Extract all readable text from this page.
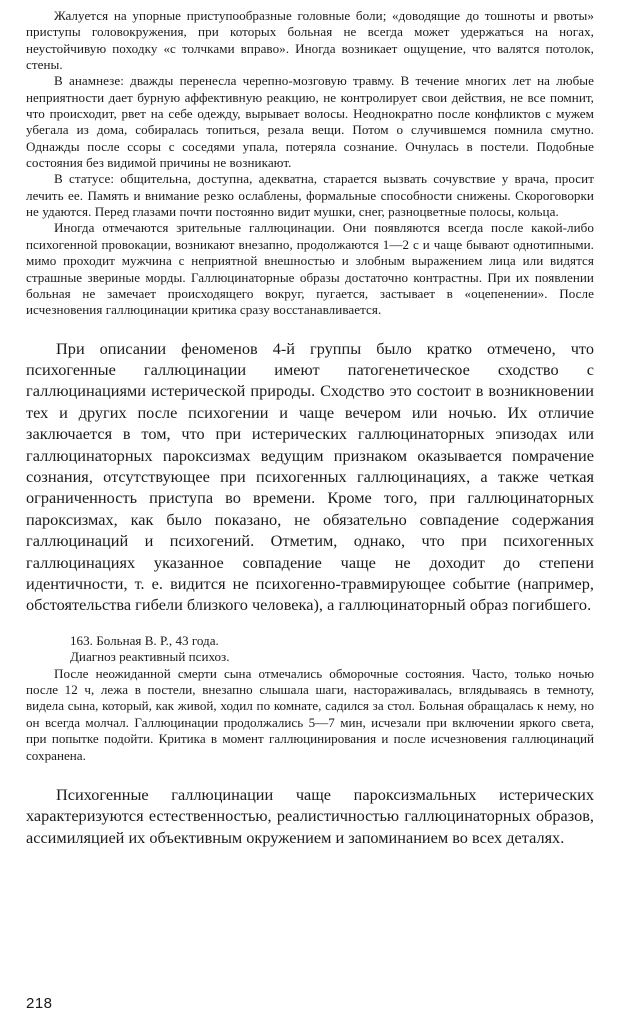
Жалуется на упорные приступообразные головные боли; «доводящие до тошноты и рвоты» приступы головокружения, при которых больная не всегда может удержаться на ногах, неустойчивую походку «с толчками вправо». Иногда возникает ощущение, что валятся потолок, стены.

В анамнезе: дважды перенесла черепно-мозговую травму. В течение многих лет на любые неприятности дает бурную аффективную реакцию, не контролирует свои действия, не все помнит, что происходит, рвет на себе одежду, вырывает волосы. Неоднократно после конфликтов с мужем убегала из дома, собиралась топиться, резала вещи. Потом о случившемся помнила смутно. Однажды после ссоры с соседями упала, потеряла сознание. Очнулась в постели. Подобные состояния без видимой причины не возникают.

В статусе: общительна, доступна, адекватна, старается вызвать сочувствие у врача, просит лечить ее. Память и внимание резко ослаблены, формальные способности снижены. Скороговорки не удаются. Перед глазами почти постоянно видит мушки, снег, разноцветные полосы, кольца.

Иногда отмечаются зрительные галлюцинации. Они появляются всегда после какой-либо психогенной провокации, возникают внезапно, продолжаются 1—2 с и чаще бывают однотипными. мимо проходит мужчина с неприятной внешностью и злобным выражением лица или видятся страшные звериные морды. Галлюцинаторные образы достаточно контрастны. При их появлении больная не замечает происходящего вокруг, пугается, застывает в «оцепенении». После исчезновения галлюцинации критика сразу восстанавливается.

При описании феноменов 4-й группы было кратко отмечено, что психогенные галлюцинации имеют патогенетическое сходство с галлюцинациями истерической природы. Сходство это состоит в возникновении тех и других после психогении и чаще вечером или ночью. Их отличие заключается в том, что при истерических галлюцинаторных эпизодах или галлюцинаторных пароксизмах ведущим признаком оказывается помрачение сознания, отсутствующее при психогенных галлюцинациях, а также четкая ограниченность приступа во времени. Кроме того, при галлюцинаторных пароксизмах, как было показано, не обязательно совпадение содержания галлюцинаций и психогений. Отметим, однако, что при психогенных галлюцинациях указанное совпадение чаще не доходит до степени идентичности, т. е. видится не психогенно-травмирующее событие (например, обстоятельства гибели близкого человека), а галлюцинаторный образ погибшего.

163. Больная В. Р., 43 года.

Диагноз реактивный психоз.

После неожиданной смерти сына отмечались обморочные состояния. Часто, только ночью после 12 ч, лежа в постели, внезапно слышала шаги, настораживалась, вглядываясь в темноту, видела сына, который, как живой, ходил по комнате, садился за стол. Больная обращалась к нему, но он всегда молчал. Галлюцинации продолжались 5—7 мин, исчезали при включении яркого света, при попытке подойти. Критика в момент галлюцинирования и после исчезновения галлюцинаций сохранена.

Психогенные галлюцинации чаще пароксизмальных истерических характеризуются естественностью, реалистичностью галлюцинаторных образов, ассимиляцией их объективным окружением и запоминанием во всех деталях.

218
